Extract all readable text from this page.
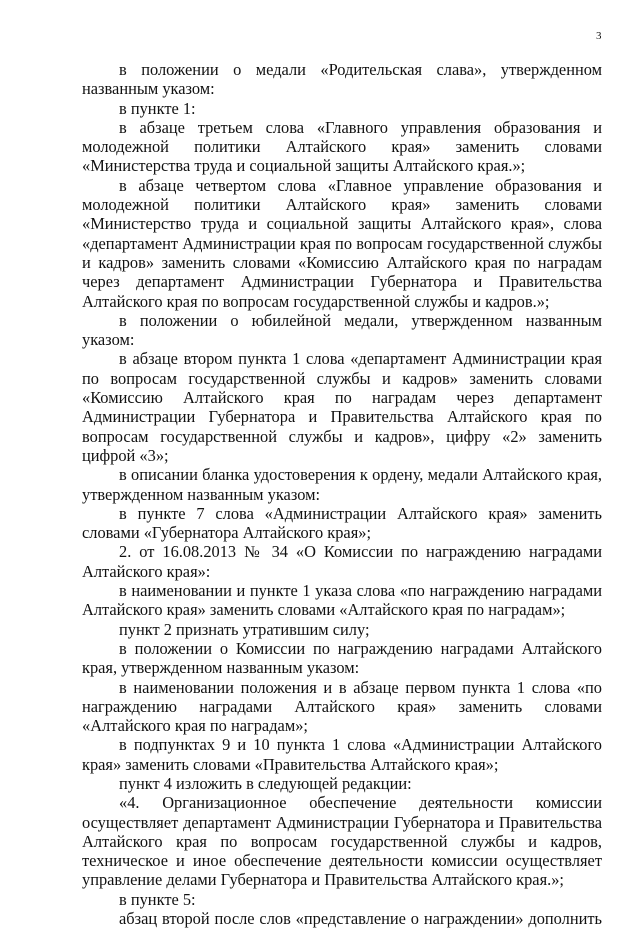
3

в положении о медали «Родительская слава», утвержденном названным указом:

в пункте 1:

в абзаце третьем слова «Главного управления образования и молодежной политики Алтайского края» заменить словами «Министерства труда и социальной защиты Алтайского края.»;

в абзаце четвертом слова «Главное управление образования и молодежной политики Алтайского края» заменить словами «Министерство труда и социальной защиты Алтайского края», слова «департамент Администрации края по вопросам государственной службы и кадров» заменить словами «Комиссию Алтайского края по наградам через департамент Администрации Губернатора и Правительства Алтайского края по вопросам государственной службы и кадров.»;

в положении о юбилейной медали, утвержденном названным указом:

в абзаце втором пункта 1 слова «департамент Администрации края по вопросам государственной службы и кадров» заменить словами «Комиссию Алтайского края по наградам через департамент Администрации Губернатора и Правительства Алтайского края по вопросам государственной службы и кадров», цифру «2» заменить цифрой «3»;

в описании бланка удостоверения к ордену, медали Алтайского края, утвержденном названным указом:

в пункте 7 слова «Администрации Алтайского края» заменить словами «Губернатора Алтайского края»;

2. от 16.08.2013 № 34 «О Комиссии по награждению наградами Алтайского края»:

в наименовании и пункте 1 указа слова «по награждению наградами Алтайского края» заменить словами «Алтайского края по наградам»;

пункт 2 признать утратившим силу;

в положении о Комиссии по награждению наградами Алтайского края, утвержденном названным указом:

в наименовании положения и в абзаце первом пункта 1 слова «по награждению наградами Алтайского края» заменить словами «Алтайского края по наградам»;

в подпунктах 9 и 10 пункта 1 слова «Администрации Алтайского края» заменить словами «Правительства Алтайского края»;

пункт 4 изложить в следующей редакции:

«4. Организационное обеспечение деятельности комиссии осуществляет департамент Администрации Губернатора и Правительства Алтайского края по вопросам государственной службы и кадров, техническое и иное обеспечение деятельности комиссии осуществляет управление делами Губернатора и Правительства Алтайского края.»;

в пункте 5:

абзац второй после слов «представление о награждении» дополнить
